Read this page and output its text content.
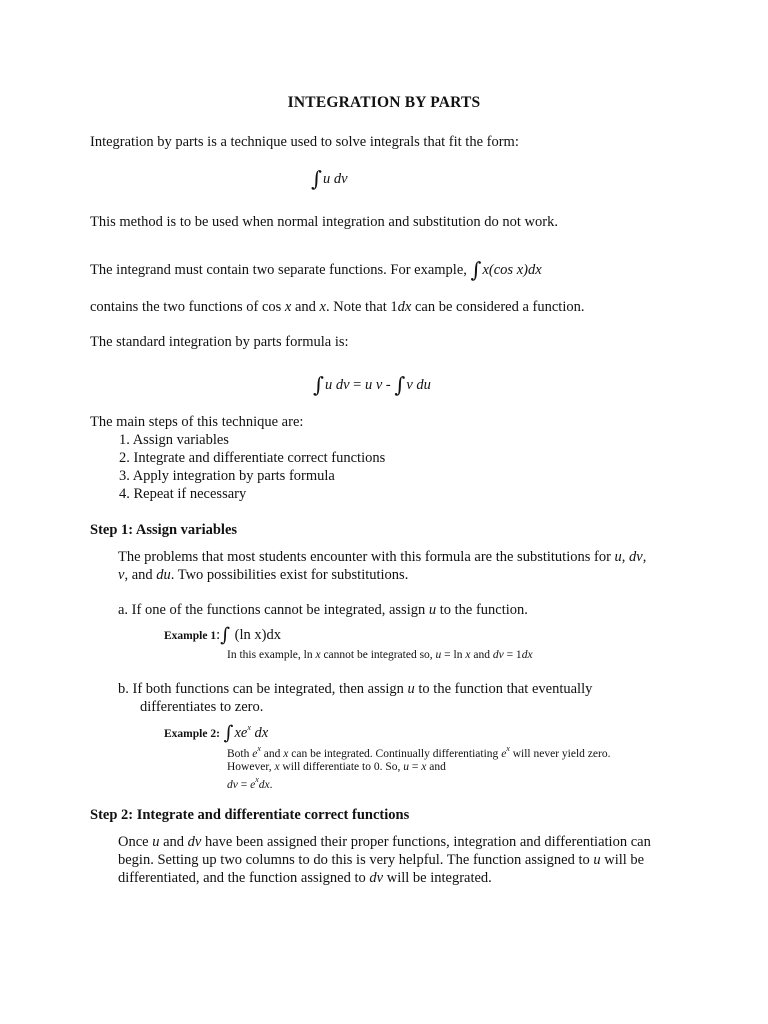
INTEGRATION BY PARTS
Integration by parts is a technique used to solve integrals that fit the form:
∫u dv
This method is to be used when normal integration and substitution do not work.
The integrand must contain two separate functions. For example, ∫x(cos x)dx
contains the two functions of cos x and x. Note that 1dx can be considered a function.
The standard integration by parts formula is:
∫u dv = u v - ∫v du
The main steps of this technique are:
1. Assign variables
2. Integrate and differentiate correct functions
3. Apply integration by parts formula
4. Repeat if necessary
Step 1: Assign variables
The problems that most students encounter with this formula are the substitutions for u, dv,
v, and du. Two possibilities exist for substitutions.
a. If one of the functions cannot be integrated, assign u to the function.
Example 1:∫ (ln x)dx
In this example, ln x cannot be integrated so, u = ln x and dv = 1dx
b. If both functions can be integrated, then assign u to the function that eventually
differentiates to zero.
Example 2: $\int xe^x$ dx
Both $e^x$ and x can be integrated. Continually differentiating $e^x$ will never yield zero.
However, x will differentiate to 0. So, u = x and
dv = $e^xdx$.
Step 2: Integrate and differentiate correct functions
Once u and dv have been assigned their proper functions, integration and differentiation can
begin. Setting up two columns to do this is very helpful. The function assigned to u will be
differentiated, and the function assigned to dv will be integrated.
